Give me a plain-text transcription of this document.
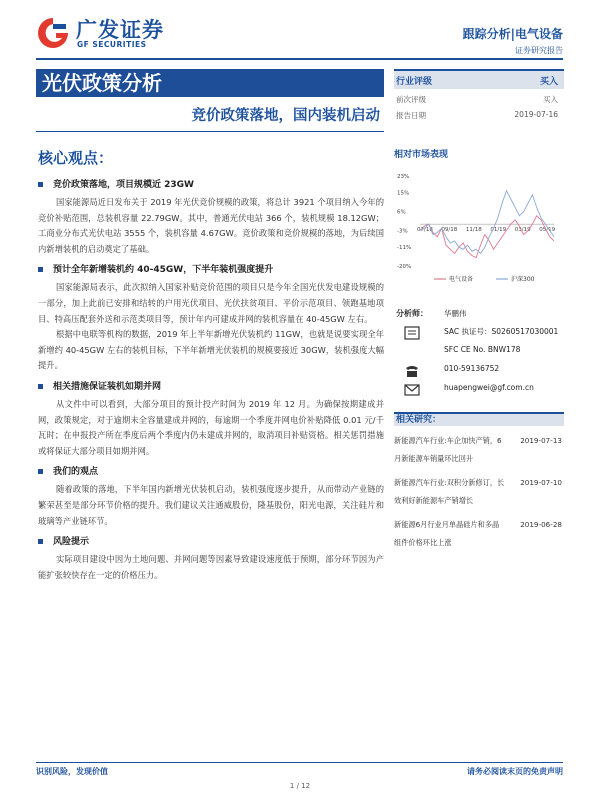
广发证券
GF SECURITIES
跟踪分析|电气设备
证券研究报告
光伏政策分析
竞价政策落地，国内装机启动
核心观点：
竞价政策落地，项目规模近 23GW

国家能源局近日发布关于 2019 年光伏竞价规模的政策，将总计 3921 个项目纳入今年的竞价补贴范围，总装机容量 22.79GW。其中，普通光伏电站 366 个，装机规模 18.12GW；工商业分布式光伏电站 3555 个，装机容量 4.67GW。竞价政策和竞价规模的落地，为后续国内新增装机的启动奠定了基础。

预计全年新增装机约 40-45GW，下半年装机强度提升

国家能源局表示，此次拟纳入国家补贴竞价范围的项目只是今年全国光伏发电建设规模的一部分，加上此前已安排和结转的户用光伏项目、光伏扶贫项目、平价示范项目、领跑基地项目、特高压配套外送和示范类项目等，预计年内可建成并网的装机容量在 40-45GW 左右。

根据中电联等机构的数据，2019 年上半年新增光伏装机约 11GW，也就是说要实现全年新增约 40-45GW 左右的装机目标，下半年新增光伏装机的规模要接近 30GW，装机强度大幅提升。

相关措施保证装机如期并网

从文件中可以看到，大部分项目的预计投产时间为 2019 年 12 月。为确保按期建成并网，政策规定，对于逾期未全容量建成并网的，每逾期一个季度并网电价补贴降低 0.01 元/千瓦时；在申报投产所在季度后两个季度内仍未建成并网的，取消项目补贴资格。相关惩罚措施或将保证大部分项目如期并网。

我们的观点

随着政策的落地，下半年国内新增光伏装机启动，装机强度逐步提升，从而带动产业链的繁荣甚至是部分环节价格的提升。我们建议关注通威股份，隆基股份，阳光电源，关注硅片和玻璃等产业链环节。

风险提示

实际项目建设中因为土地问题、并网问题等因素导致建设速度低于预期，部分环节因为产能扩张较快存在一定的价格压力。

行业评级	买入
前次评级	买入
报告日期	2019-07-16
相对市场表现
23%
15%
6%
-3%
-11%
-20%
07/18 09/18 11/18 01/19 03/19 05/19
电气设备	沪深300
分析师： 华鹏伟
SAC 执证号：S0260517030001
SFC CE No. BNW178
010-59136752
huapengwei@gf.com.cn
相关研究：
2019-07-13
新能源汽车行业:车企加快产销，6月新能源车销量环比回升
2019-07-10
新能源汽车行业:双积分新修订，长效利好新能源车产销增长
2019-06-28
新能源6月行业月单晶硅片和多晶组件价格环比上涨
识别风险，发现价值	请务必阅读末页的免责声明
1 / 12
